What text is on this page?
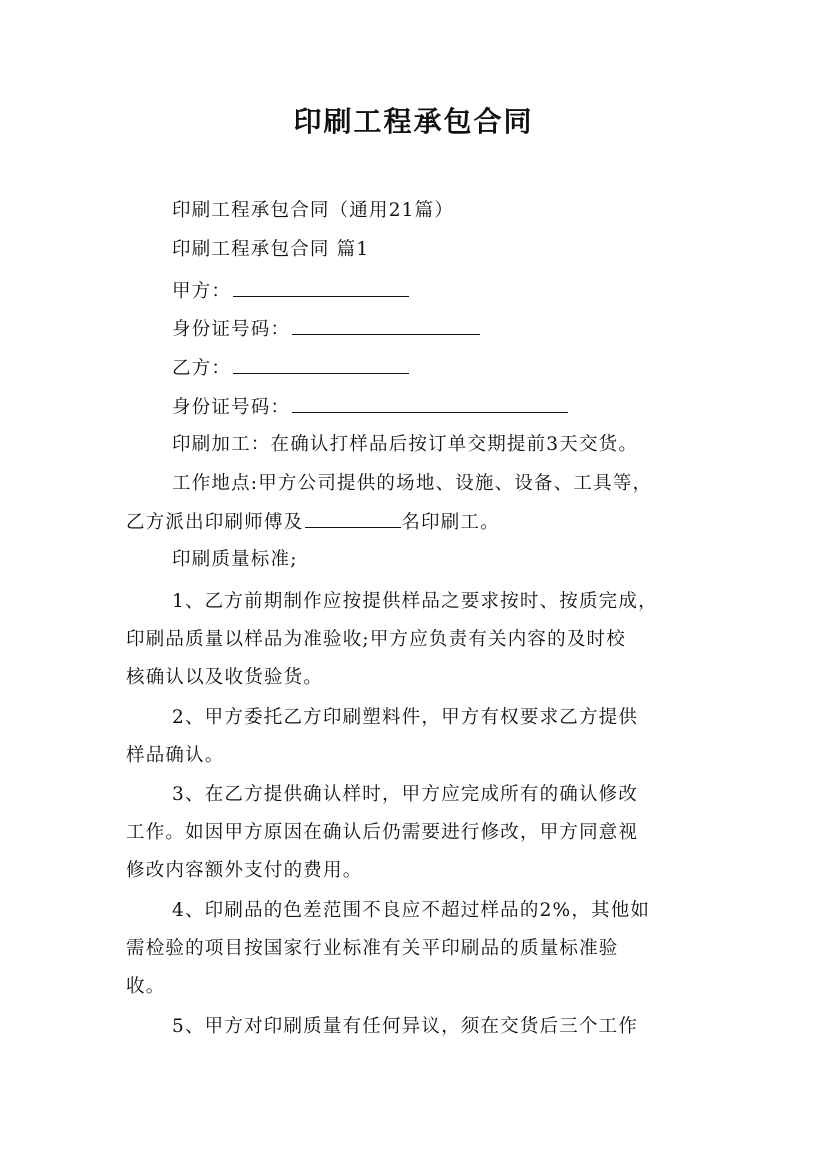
印刷工程承包合同
印刷工程承包合同（通用21篇）
印刷工程承包合同 篇1
甲方：
身份证号码：
乙方：
身份证号码：
印刷加工：在确认打样品后按订单交期提前3天交货。
工作地点:甲方公司提供的场地、设施、设备、工具等，
乙方派出印刷师傅及	名印刷工。
印刷质量标准;
1、乙方前期制作应按提供样品之要求按时、按质完成，
印刷品质量以样品为准验收;甲方应负责有关内容的及时校
核确认以及收货验货。
2、甲方委托乙方印刷塑料件，甲方有权要求乙方提供
样品确认。
3、在乙方提供确认样时，甲方应完成所有的确认修改
工作。如因甲方原因在确认后仍需要进行修改，甲方同意视
修改内容额外支付的费用。
4、印刷品的色差范围不良应不超过样品的2%，其他如
需检验的项目按国家行业标准有关平印刷品的质量标准验
收。
5、甲方对印刷质量有任何异议，须在交货后三个工作
